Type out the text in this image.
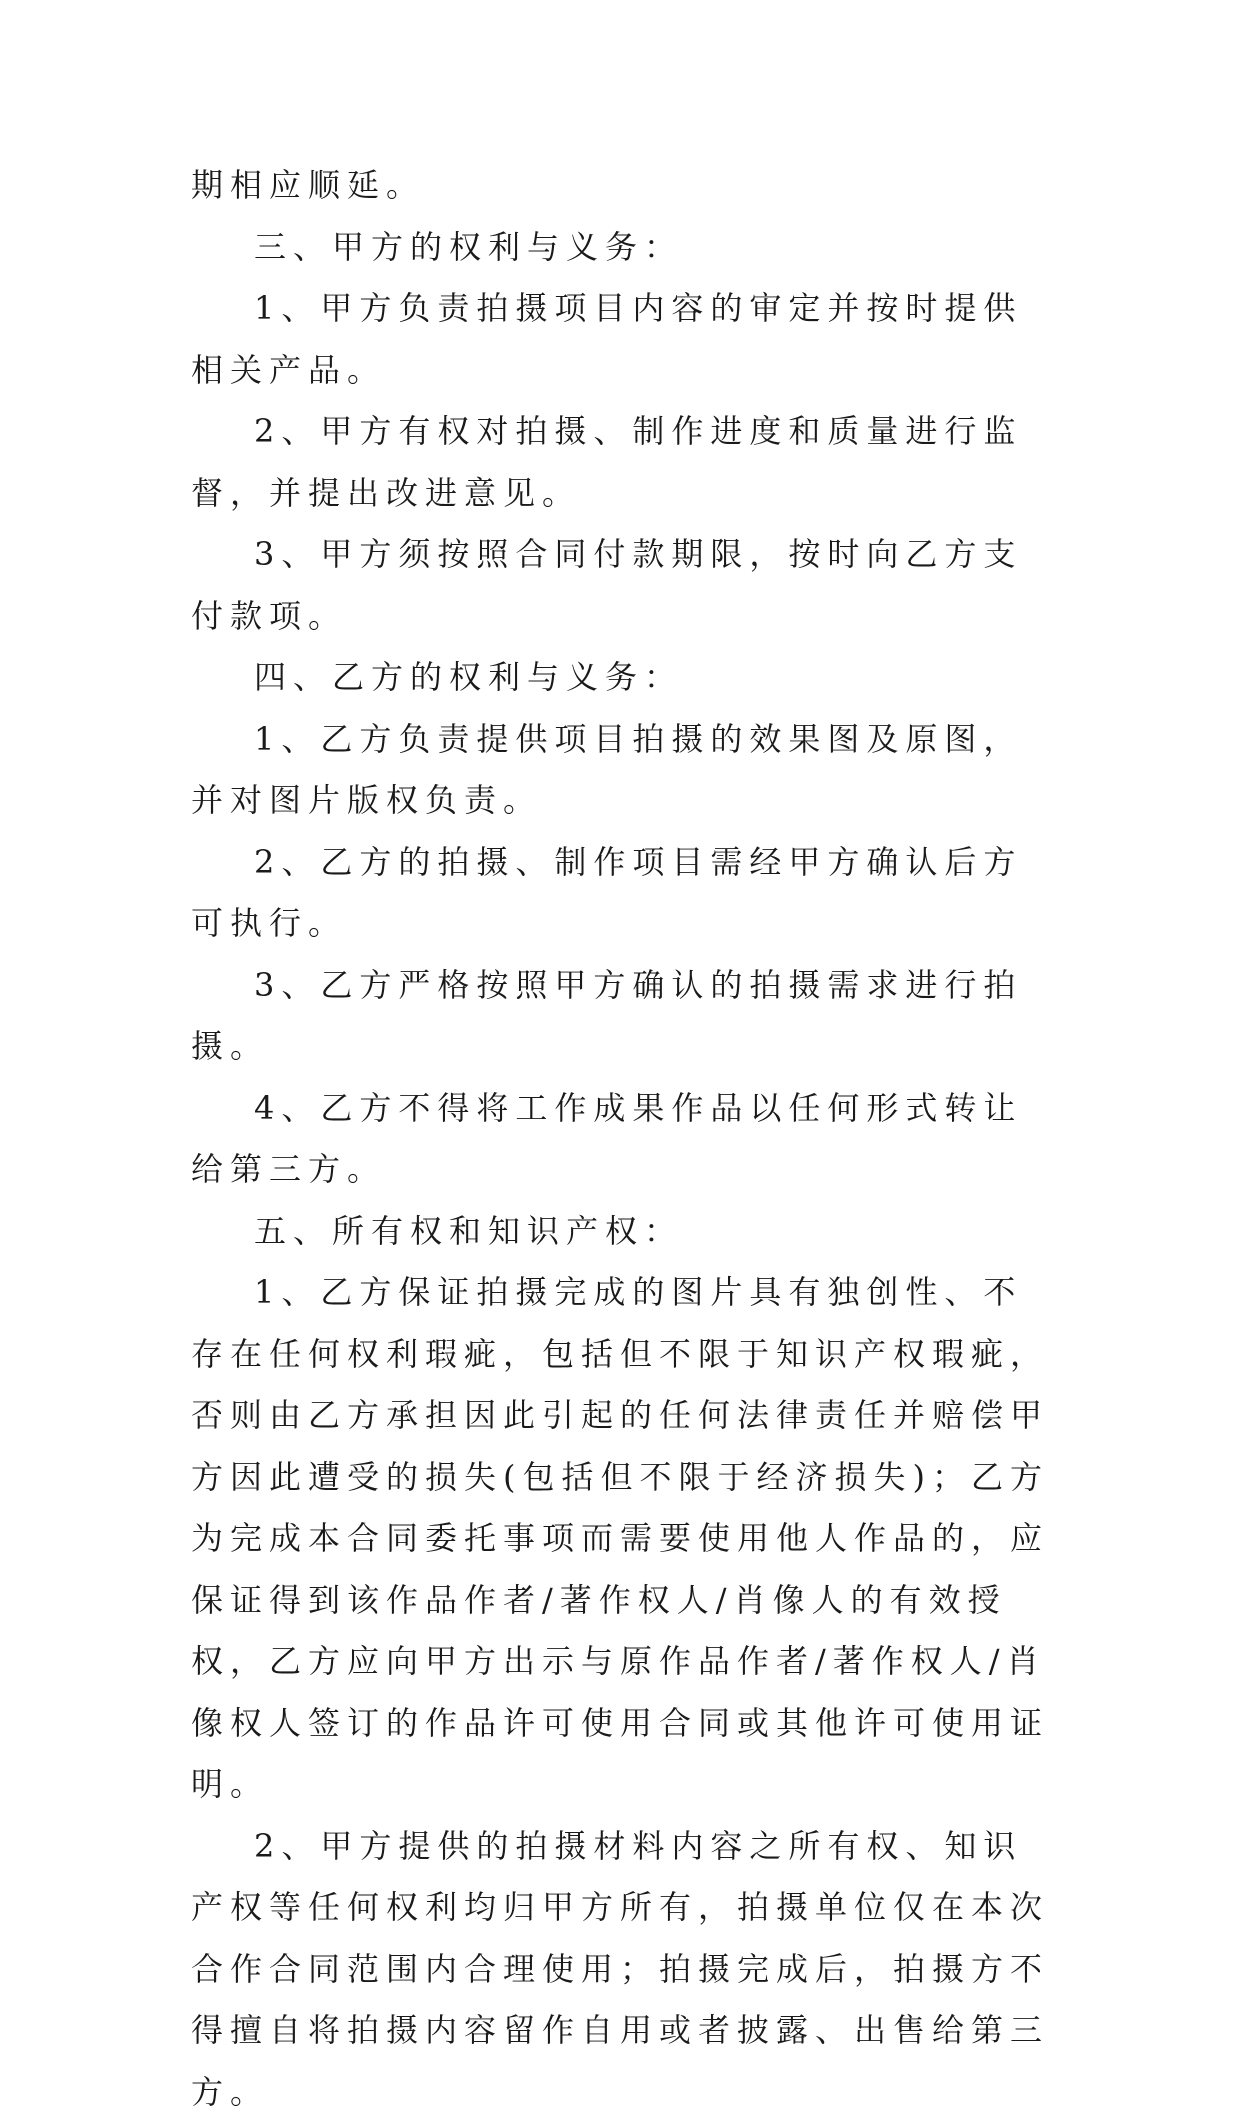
期相应顺延。

三、甲方的权利与义务：

1、甲方负责拍摄项目内容的审定并按时提供相关产品。

2、甲方有权对拍摄、制作进度和质量进行监督，并提出改进意见。

3、甲方须按照合同付款期限，按时向乙方支付款项。

四、乙方的权利与义务：

1、乙方负责提供项目拍摄的效果图及原图，并对图片版权负责。

2、乙方的拍摄、制作项目需经甲方确认后方可执行。

3、乙方严格按照甲方确认的拍摄需求进行拍摄。

4、乙方不得将工作成果作品以任何形式转让给第三方。

五、所有权和知识产权：

1、乙方保证拍摄完成的图片具有独创性、不存在任何权利瑕疵，包括但不限于知识产权瑕疵，否则由乙方承担因此引起的任何法律责任并赔偿甲方因此遭受的损失(包括但不限于经济损失)；乙方为完成本合同委托事项而需要使用他人作品的，应保证得到该作品作者/著作权人/肖像人的有效授权，乙方应向甲方出示与原作品作者/著作权人/肖像权人签订的作品许可使用合同或其他许可使用证明。

2、甲方提供的拍摄材料内容之所有权、知识产权等任何权利均归甲方所有，拍摄单位仅在本次合作合同范围内合理使用；拍摄完成后，拍摄方不得擅自将拍摄内容留作自用或者披露、出售给第三方。
